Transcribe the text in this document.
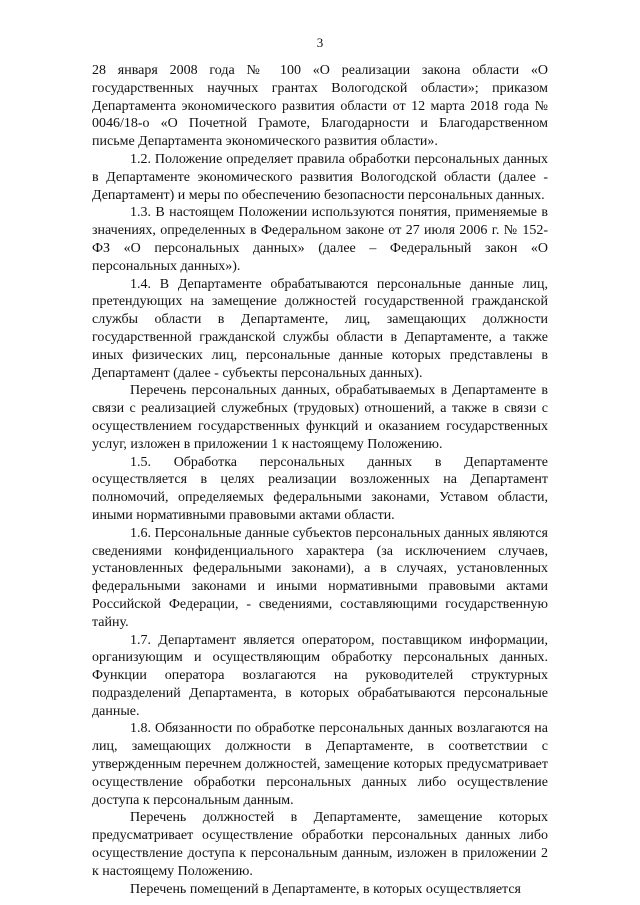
3

28 января 2008 года № 100 «О реализации закона области «О государственных научных грантах Вологодской области»; приказом Департамента экономического развития области от 12 марта 2018 года № 0046/18-о «О Почетной Грамоте, Благодарности и Благодарственном письме Департамента экономического развития области».

1.2. Положение определяет правила обработки персональных данных в Департаменте экономического развития Вологодской области (далее - Департамент) и меры по обеспечению безопасности персональных данных.

1.3. В настоящем Положении используются понятия, применяемые в значениях, определенных в Федеральном законе от 27 июля 2006 г. № 152-ФЗ «О персональных данных» (далее – Федеральный закон «О персональных данных»).

1.4. В Департаменте обрабатываются персональные данные лиц, претендующих на замещение должностей государственной гражданской службы области в Департаменте, лиц, замещающих должности государственной гражданской службы области в Департаменте, а также иных физических лиц, персональные данные которых представлены в Департамент (далее - субъекты персональных данных).

Перечень персональных данных, обрабатываемых в Департаменте в связи с реализацией служебных (трудовых) отношений, а также в связи с осуществлением государственных функций и оказанием государственных услуг, изложен в приложении 1 к настоящему Положению.

1.5. Обработка персональных данных в Департаменте осуществляется в целях реализации возложенных на Департамент полномочий, определяемых федеральными законами, Уставом области, иными нормативными правовыми актами области.

1.6. Персональные данные субъектов персональных данных являются сведениями конфиденциального характера (за исключением случаев, установленных федеральными законами), а в случаях, установленных федеральными законами и иными нормативными правовыми актами Российской Федерации, - сведениями, составляющими государственную тайну.

1.7. Департамент является оператором, поставщиком информации, организующим и осуществляющим обработку персональных данных. Функции оператора возлагаются на руководителей структурных подразделений Департамента, в которых обрабатываются персональные данные.

1.8. Обязанности по обработке персональных данных возлагаются на лиц, замещающих должности в Департаменте, в соответствии с утвержденным перечнем должностей, замещение которых предусматривает осуществление обработки персональных данных либо осуществление доступа к персональным данным.

Перечень должностей в Департаменте, замещение которых предусматривает осуществление обработки персональных данных либо осуществление доступа к персональным данным, изложен в приложении 2 к настоящему Положению.

Перечень помещений в Департаменте, в которых осуществляется
